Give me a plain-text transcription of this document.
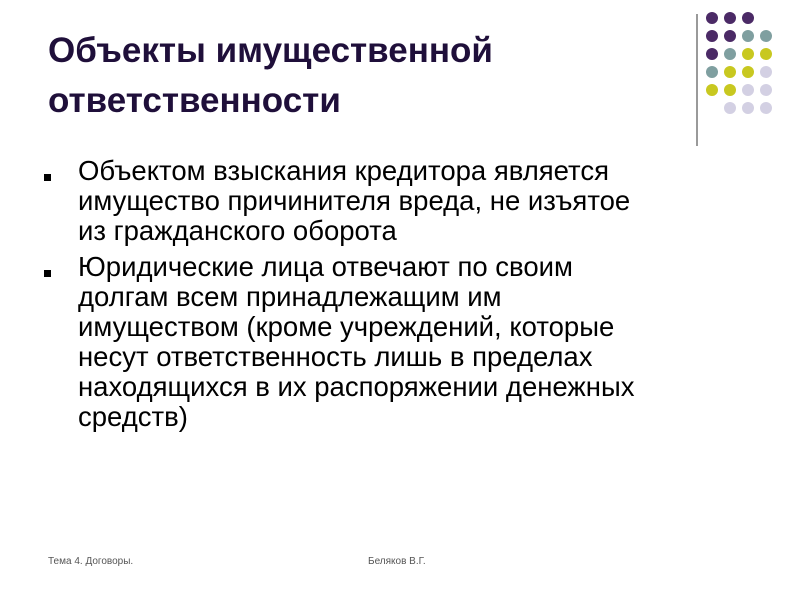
Объекты имущественной
ответственности
Объектом взыскания кредитора является
имущество причинителя вреда, не изъятое
из гражданского оборота
Юридические лица отвечают по своим
долгам всем принадлежащим им
имуществом (кроме учреждений, которые
несут ответственность лишь в пределах
находящихся в их распоряжении денежных
средств)
Тема 4. Договоры.	Беляков В.Г.
